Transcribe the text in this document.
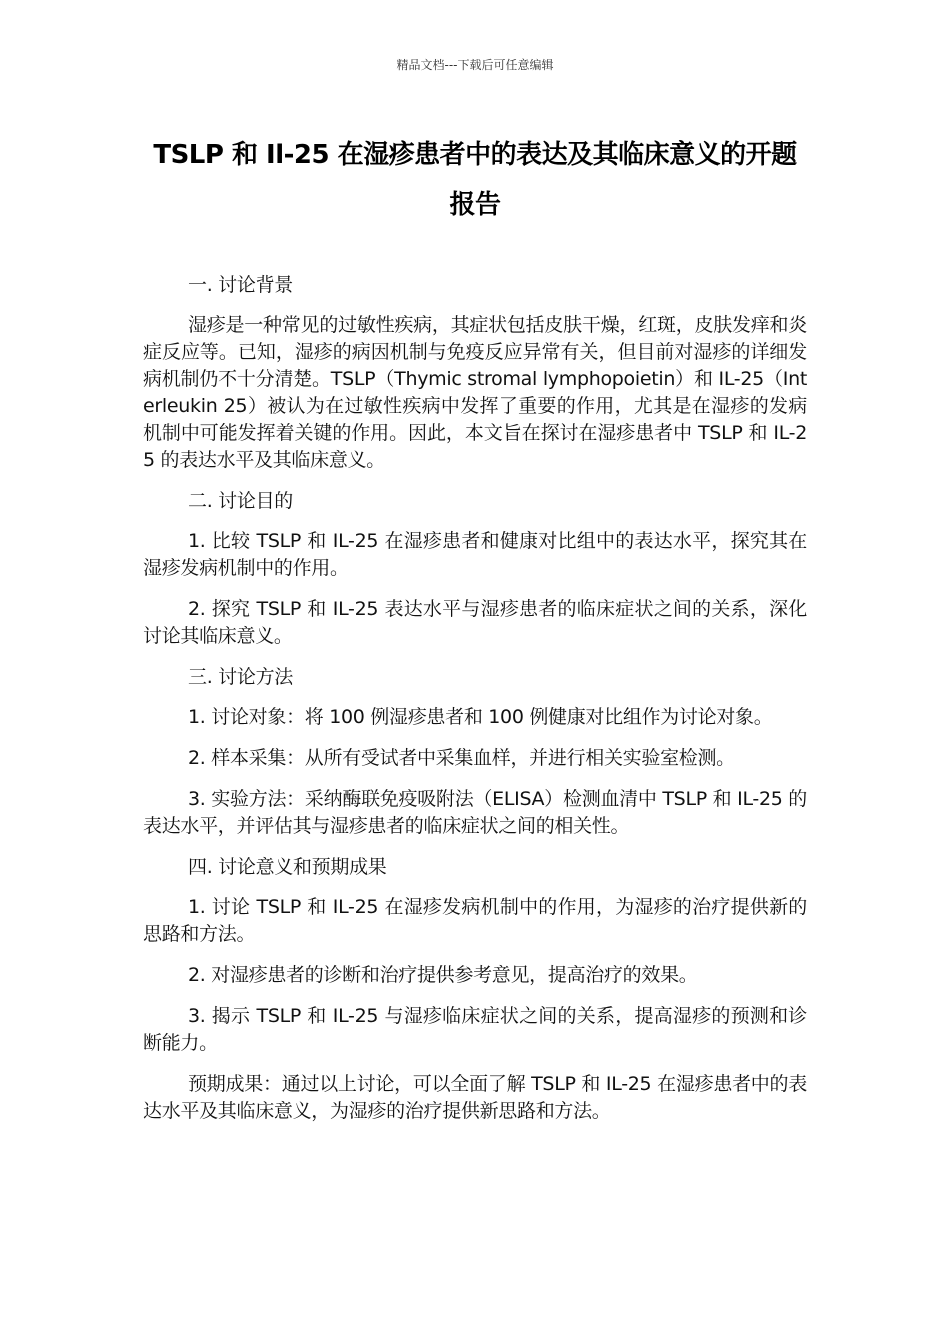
精品文档---下载后可任意编辑
TSLP 和 Il-25 在湿疹患者中的表达及其临床意义的开题报告

一. 讨论背景

湿疹是一种常见的过敏性疾病，其症状包括皮肤干燥，红斑，皮肤发痒和炎症反应等。已知，湿疹的病因机制与免疫反应异常有关，但目前对湿疹的详细发病机制仍不十分清楚。TSLP（Thymic stromal lymphopoietin）和 IL-25（Interleukin 25）被认为在过敏性疾病中发挥了重要的作用，尤其是在湿疹的发病机制中可能发挥着关键的作用。因此，本文旨在探讨在湿疹患者中 TSLP 和 IL-25 的表达水平及其临床意义。

二. 讨论目的

1. 比较 TSLP 和 IL-25 在湿疹患者和健康对比组中的表达水平，探究其在湿疹发病机制中的作用。

2. 探究 TSLP 和 IL-25 表达水平与湿疹患者的临床症状之间的关系，深化讨论其临床意义。

三. 讨论方法

1. 讨论对象：将 100 例湿疹患者和 100 例健康对比组作为讨论对象。

2. 样本采集：从所有受试者中采集血样，并进行相关实验室检测。

3. 实验方法：采纳酶联免疫吸附法（ELISA）检测血清中 TSLP 和 IL-25 的表达水平，并评估其与湿疹患者的临床症状之间的相关性。

四. 讨论意义和预期成果

1. 讨论 TSLP 和 IL-25 在湿疹发病机制中的作用，为湿疹的治疗提供新的思路和方法。

2. 对湿疹患者的诊断和治疗提供参考意见，提高治疗的效果。

3. 揭示 TSLP 和 IL-25 与湿疹临床症状之间的关系，提高湿疹的预测和诊断能力。

预期成果：通过以上讨论，可以全面了解 TSLP 和 IL-25 在湿疹患者中的表达水平及其临床意义，为湿疹的治疗提供新思路和方法。
